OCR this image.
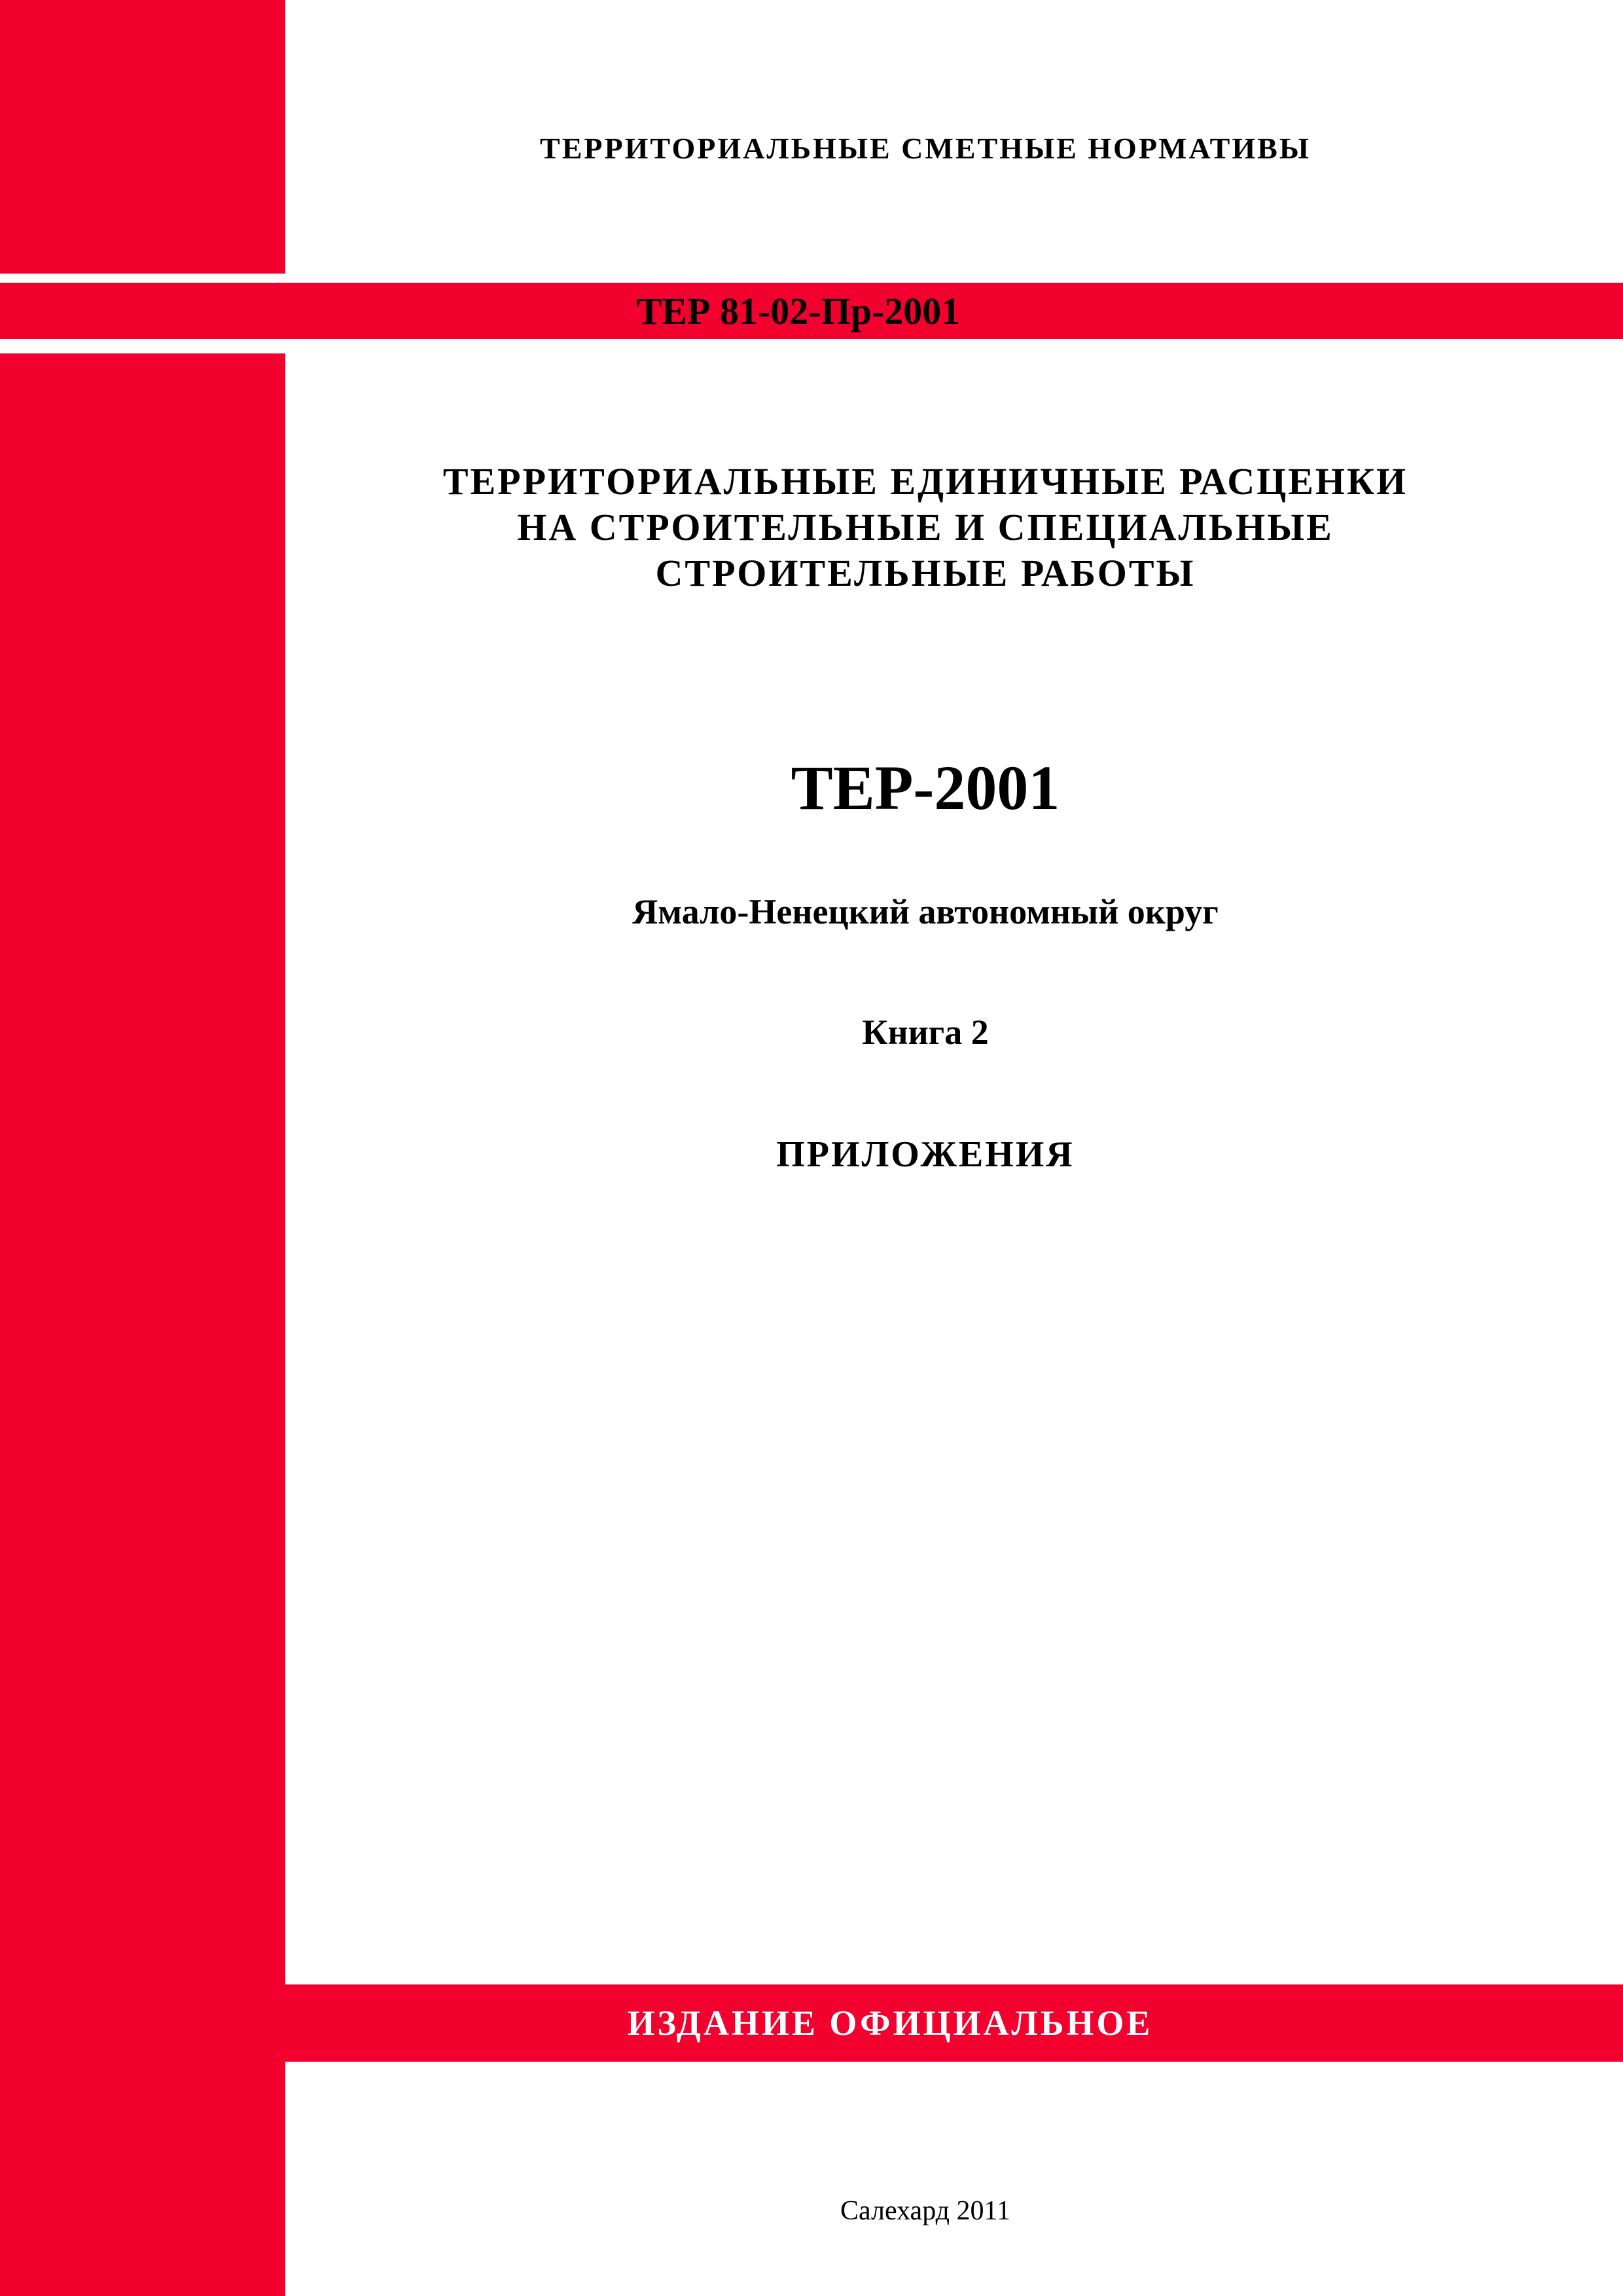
ТЕРРИТОРИАЛЬНЫЕ СМЕТНЫЕ НОРМАТИВЫ

ТЕР 81-02-Пр-2001

ТЕРРИТОРИАЛЬНЫЕ ЕДИНИЧНЫЕ РАСЦЕНКИ

НА СТРОИТЕЛЬНЫЕ И СПЕЦИАЛЬНЫЕ

СТРОИТЕЛЬНЫЕ РАБОТЫ

ТЕР-2001

Ямало-Ненецкий автономный округ

Книга 2

ПРИЛОЖЕНИЯ

ИЗДАНИЕ ОФИЦИАЛЬНОЕ

Салехард 2011
